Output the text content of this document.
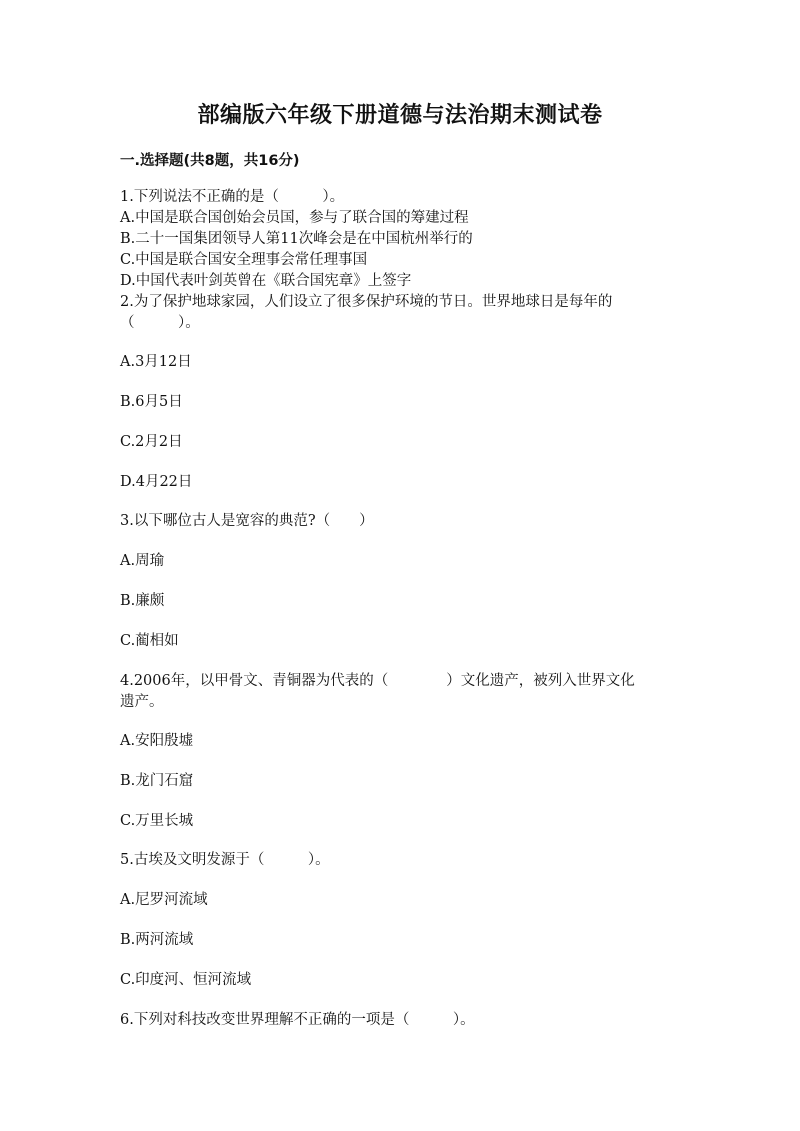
部编版六年级下册道德与法治期末测试卷
一.选择题(共8题，共16分)
1.下列说法不正确的是（　　　）。
A.中国是联合国创始会员国，参与了联合国的筹建过程
B.二十一国集团领导人第11次峰会是在中国杭州举行的
C.中国是联合国安全理事会常任理事国
D.中国代表叶剑英曾在《联合国宪章》上签字
2.为了保护地球家园，人们设立了很多保护环境的节日。世界地球日是每年的
（　　　）。
A.3月12日
B.6月5日
C.2月2日
D.4月22日
3.以下哪位古人是宽容的典范?（　　）
A.周瑜
B.廉颇
C.蔺相如
4.2006年，以甲骨文、青铜器为代表的（　　　　）文化遗产，被列入世界文化
遗产。
A.安阳殷墟
B.龙门石窟
C.万里长城
5.古埃及文明发源于（　　　）。
A.尼罗河流域
B.两河流域
C.印度河、恒河流域
6.下列对科技改变世界理解不正确的一项是（　　　）。
